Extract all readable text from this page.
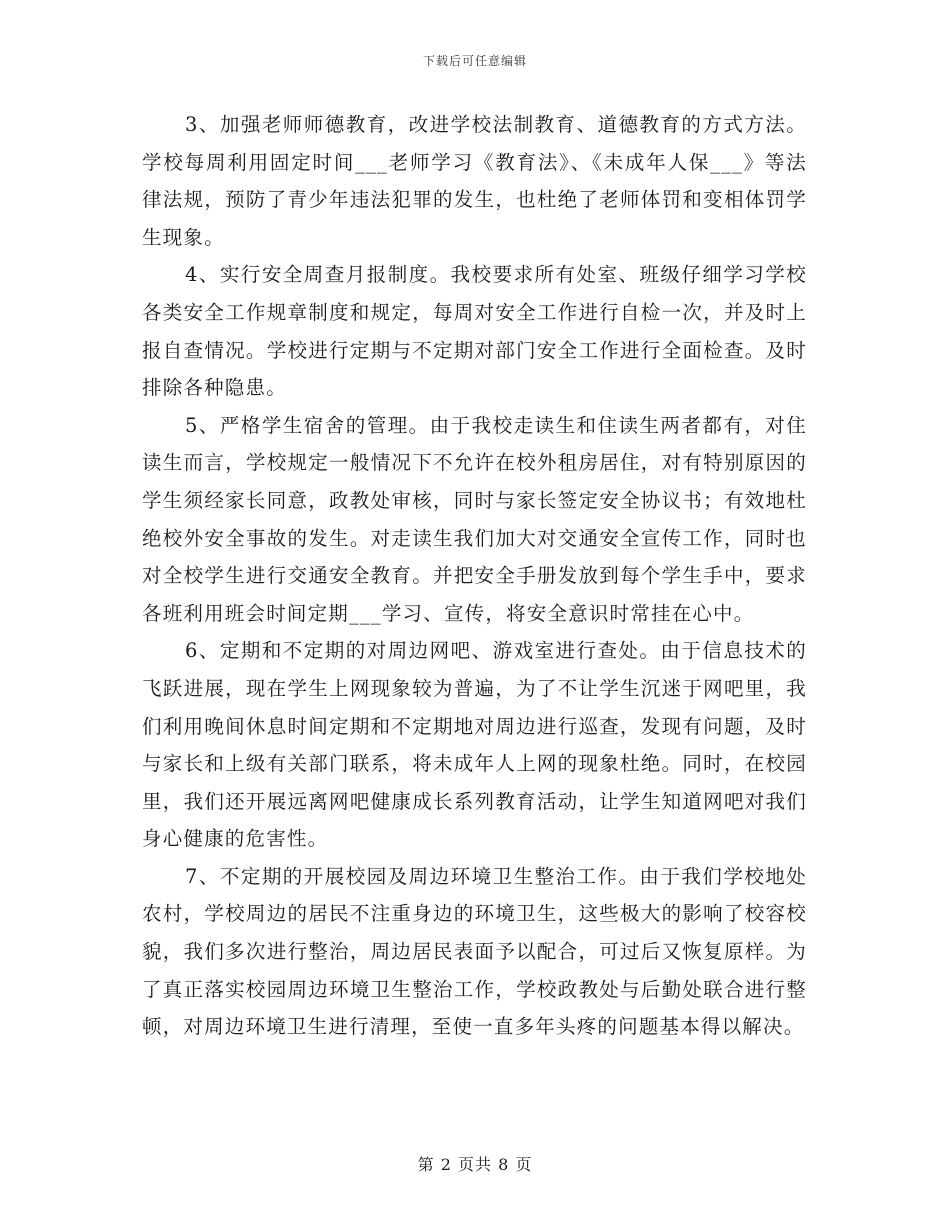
下载后可任意编辑

3、加强老师师德教育，改进学校法制教育、道德教育的方式方法。学校每周利用固定时间___老师学习《教育法》、《未成年人保___》等法律法规，预防了青少年违法犯罪的发生，也杜绝了老师体罚和变相体罚学生现象。

4、实行安全周查月报制度。我校要求所有处室、班级仔细学习学校各类安全工作规章制度和规定，每周对安全工作进行自检一次，并及时上报自查情况。学校进行定期与不定期对部门安全工作进行全面检查。及时排除各种隐患。

5、严格学生宿舍的管理。由于我校走读生和住读生两者都有，对住读生而言，学校规定一般情况下不允许在校外租房居住，对有特别原因的学生须经家长同意，政教处审核，同时与家长签定安全协议书；有效地杜绝校外安全事故的发生。对走读生我们加大对交通安全宣传工作，同时也对全校学生进行交通安全教育。并把安全手册发放到每个学生手中，要求各班利用班会时间定期___学习、宣传，将安全意识时常挂在心中。

6、定期和不定期的对周边网吧、游戏室进行查处。由于信息技术的飞跃进展，现在学生上网现象较为普遍，为了不让学生沉迷于网吧里，我们利用晚间休息时间定期和不定期地对周边进行巡查，发现有问题，及时与家长和上级有关部门联系，将未成年人上网的现象杜绝。同时，在校园里，我们还开展远离网吧健康成长系列教育活动，让学生知道网吧对我们身心健康的危害性。

7、不定期的开展校园及周边环境卫生整治工作。由于我们学校地处农村，学校周边的居民不注重身边的环境卫生，这些极大的影响了校容校貌，我们多次进行整治，周边居民表面予以配合，可过后又恢复原样。为了真正落实校园周边环境卫生整治工作，学校政教处与后勤处联合进行整顿，对周边环境卫生进行清理，至使一直多年头疼的问题基本得以解决。

第 2 页共 8 页
